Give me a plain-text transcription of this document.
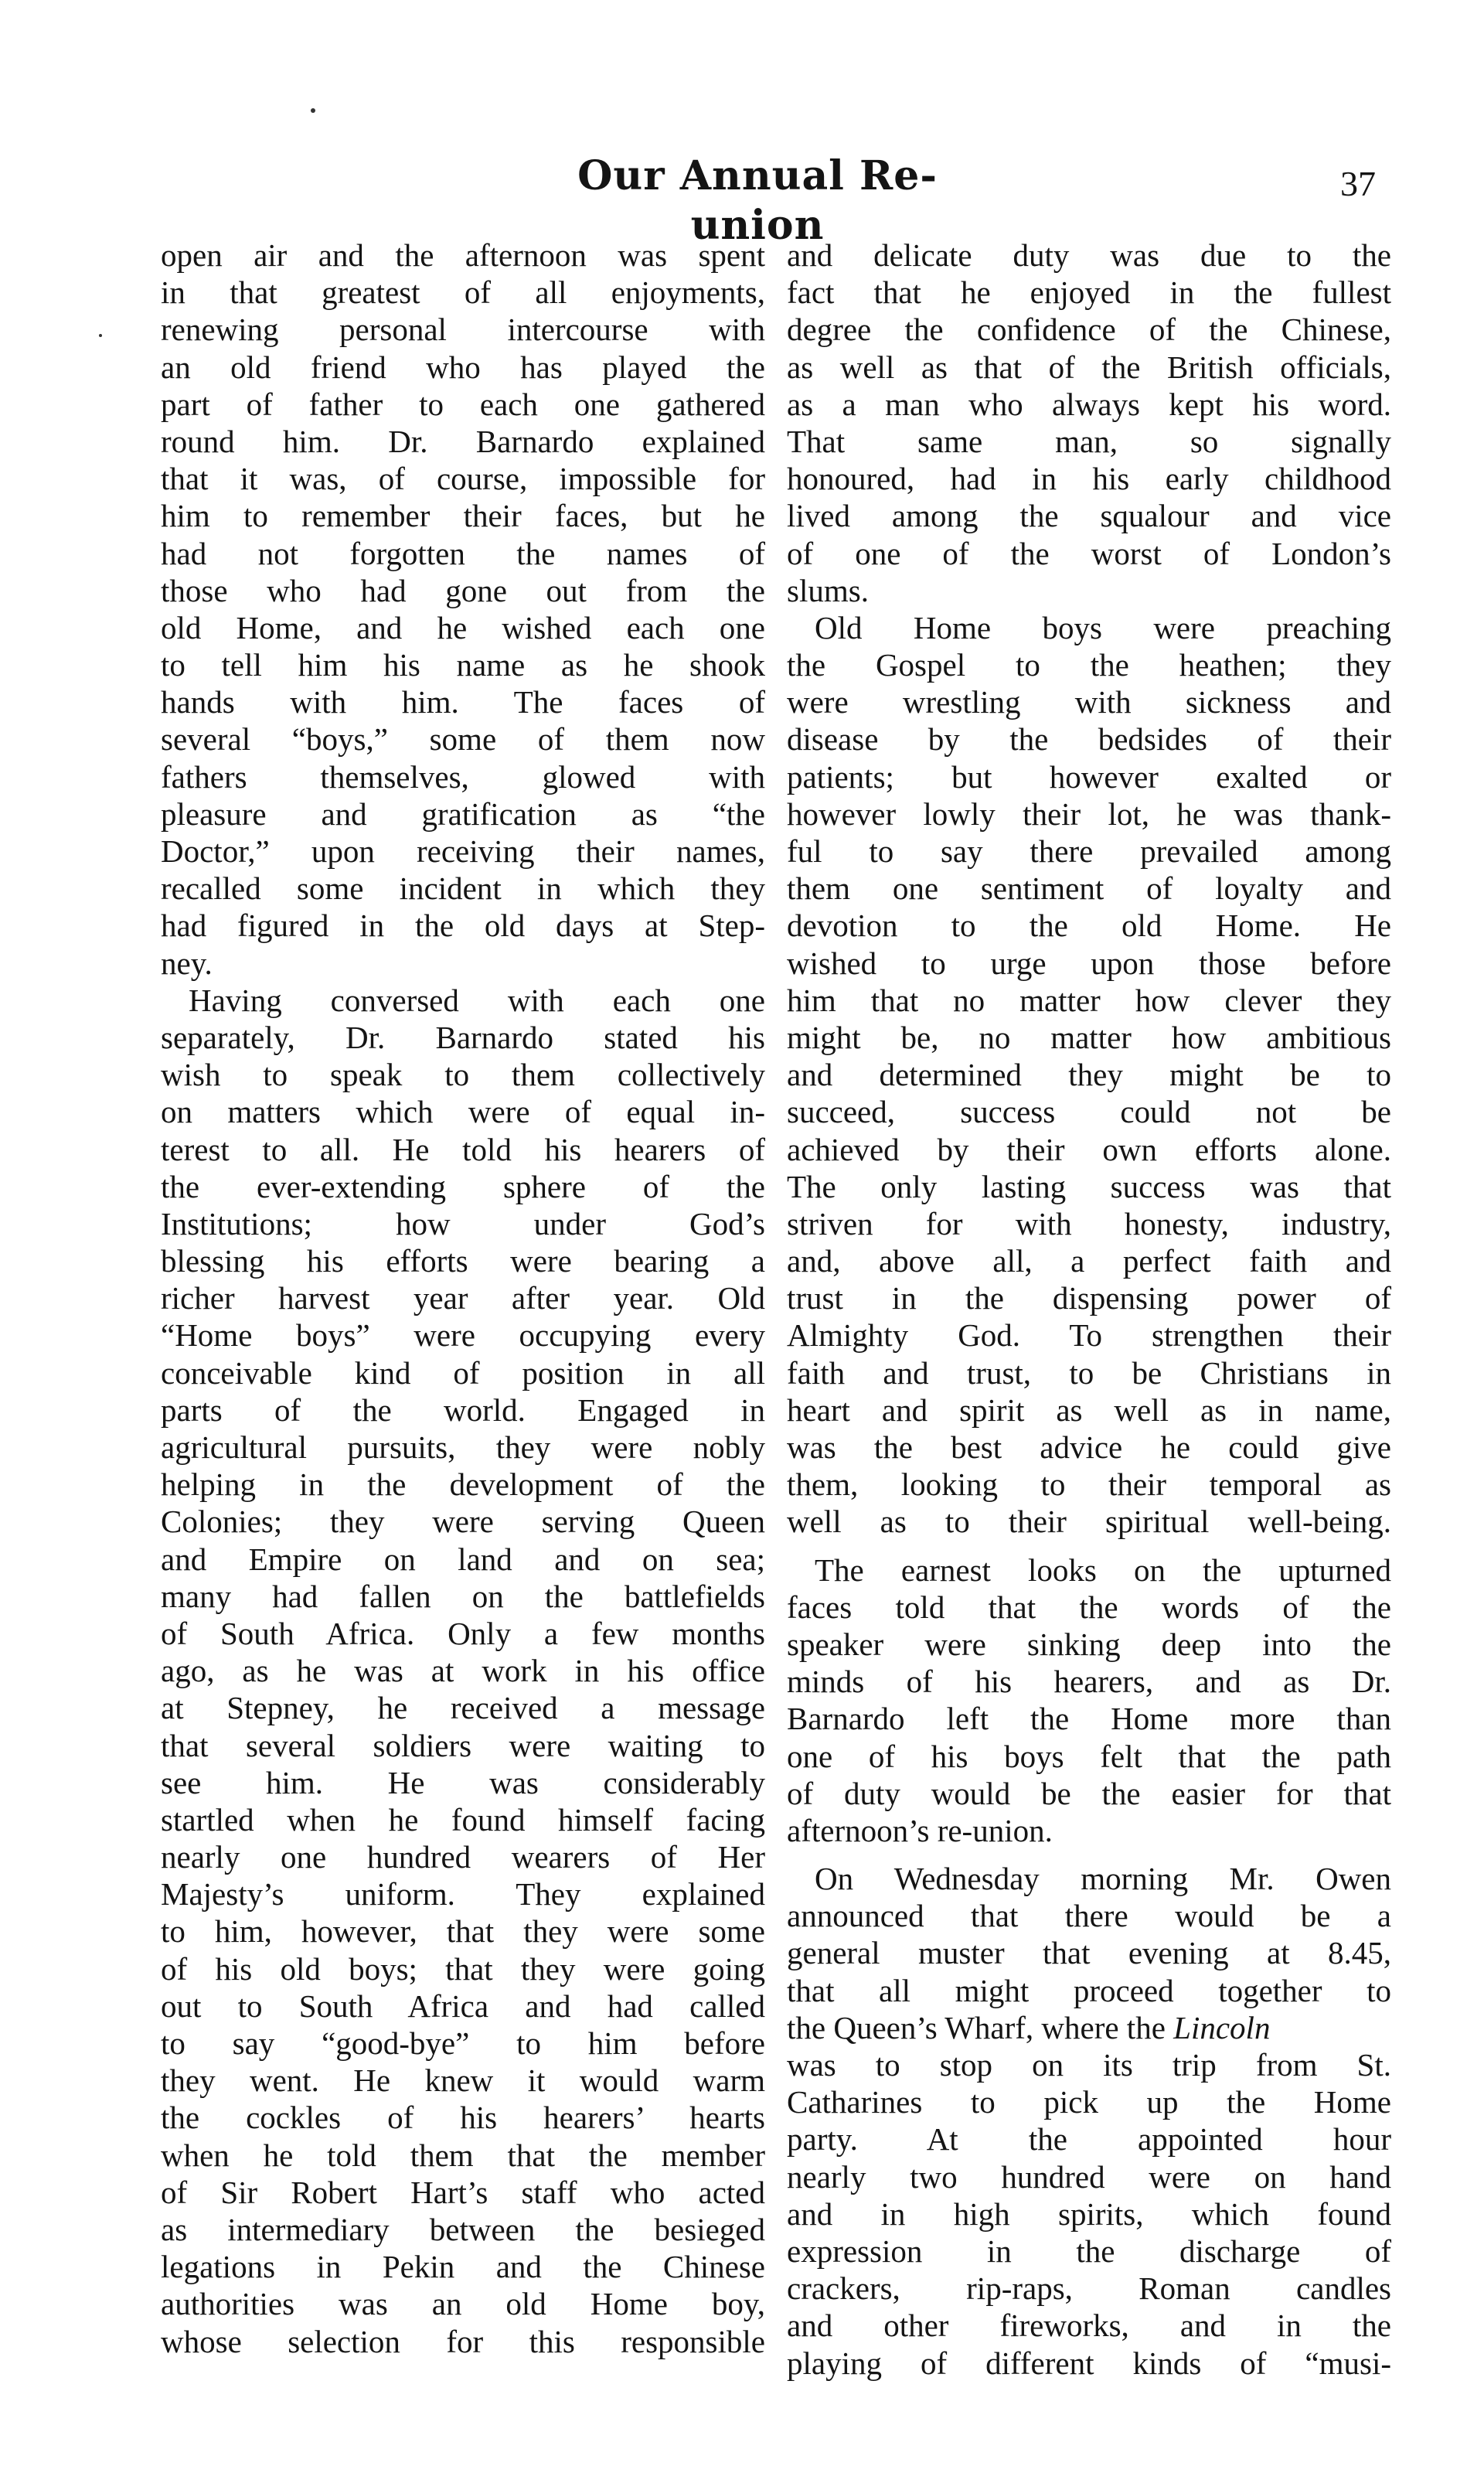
Our Annual Re-union
37
open air and the afternoon was spent
in that greatest of all enjoyments,
renewing personal intercourse with
an old friend who has played the
part of father to each one gathered
round him. Dr. Barnardo explained
that it was, of course, impossible for
him to remember their faces, but he
had not forgotten the names of
those who had gone out from the
old Home, and he wished each one
to tell him his name as he shook
hands with him. The faces of
several “boys,” some of them now
fathers themselves, glowed with
pleasure and gratification as “the
Doctor,” upon receiving their names,
recalled some incident in which they
had figured in the old days at Step-
ney.
Having conversed with each one
separately, Dr. Barnardo stated his
wish to speak to them collectively
on matters which were of equal in-
terest to all. He told his hearers of
the ever-extending sphere of the
Institutions; how under God’s
blessing his efforts were bearing a
richer harvest year after year. Old
“Home boys” were occupying every
conceivable kind of position in all
parts of the world. Engaged in
agricultural pursuits, they were nobly
helping in the development of the
Colonies; they were serving Queen
and Empire on land and on sea;
many had fallen on the battlefields
of South Africa. Only a few months
ago, as he was at work in his office
at Stepney, he received a message
that several soldiers were waiting to
see him. He was considerably
startled when he found himself facing
nearly one hundred wearers of Her
Majesty’s uniform. They explained
to him, however, that they were some
of his old boys; that they were going
out to South Africa and had called
to say “good-bye” to him before
they went. He knew it would warm
the cockles of his hearers’ hearts
when he told them that the member
of Sir Robert Hart’s staff who acted
as intermediary between the besieged
legations in Pekin and the Chinese
authorities was an old Home boy,
whose selection for this responsible
and delicate duty was due to the
fact that he enjoyed in the fullest
degree the confidence of the Chinese,
as well as that of the British officials,
as a man who always kept his word.
That same man, so signally
honoured, had in his early childhood
lived among the squalour and vice
of one of the worst of London’s
slums.
Old Home boys were preaching
the Gospel to the heathen; they
were wrestling with sickness and
disease by the bedsides of their
patients; but however exalted or
however lowly their lot, he was thank-
ful to say there prevailed among
them one sentiment of loyalty and
devotion to the old Home. He
wished to urge upon those before
him that no matter how clever they
might be, no matter how ambitious
and determined they might be to
succeed, success could not be
achieved by their own efforts alone.
The only lasting success was that
striven for with honesty, industry,
and, above all, a perfect faith and
trust in the dispensing power of
Almighty God. To strengthen their
faith and trust, to be Christians in
heart and spirit as well as in name,
was the best advice he could give
them, looking to their temporal as
well as to their spiritual well-being.
The earnest looks on the upturned
faces told that the words of the
speaker were sinking deep into the
minds of his hearers, and as Dr.
Barnardo left the Home more than
one of his boys felt that the path
of duty would be the easier for that
afternoon’s re-union.
On Wednesday morning Mr. Owen
announced that there would be a
general muster that evening at 8.45,
that all might proceed together to
the Queen’s Wharf, where the Lincoln
was to stop on its trip from St.
Catharines to pick up the Home
party. At the appointed hour
nearly two hundred were on hand
and in high spirits, which found
expression in the discharge of
crackers, rip-raps, Roman candles
and other fireworks, and in the
playing of different kinds of “musi-
